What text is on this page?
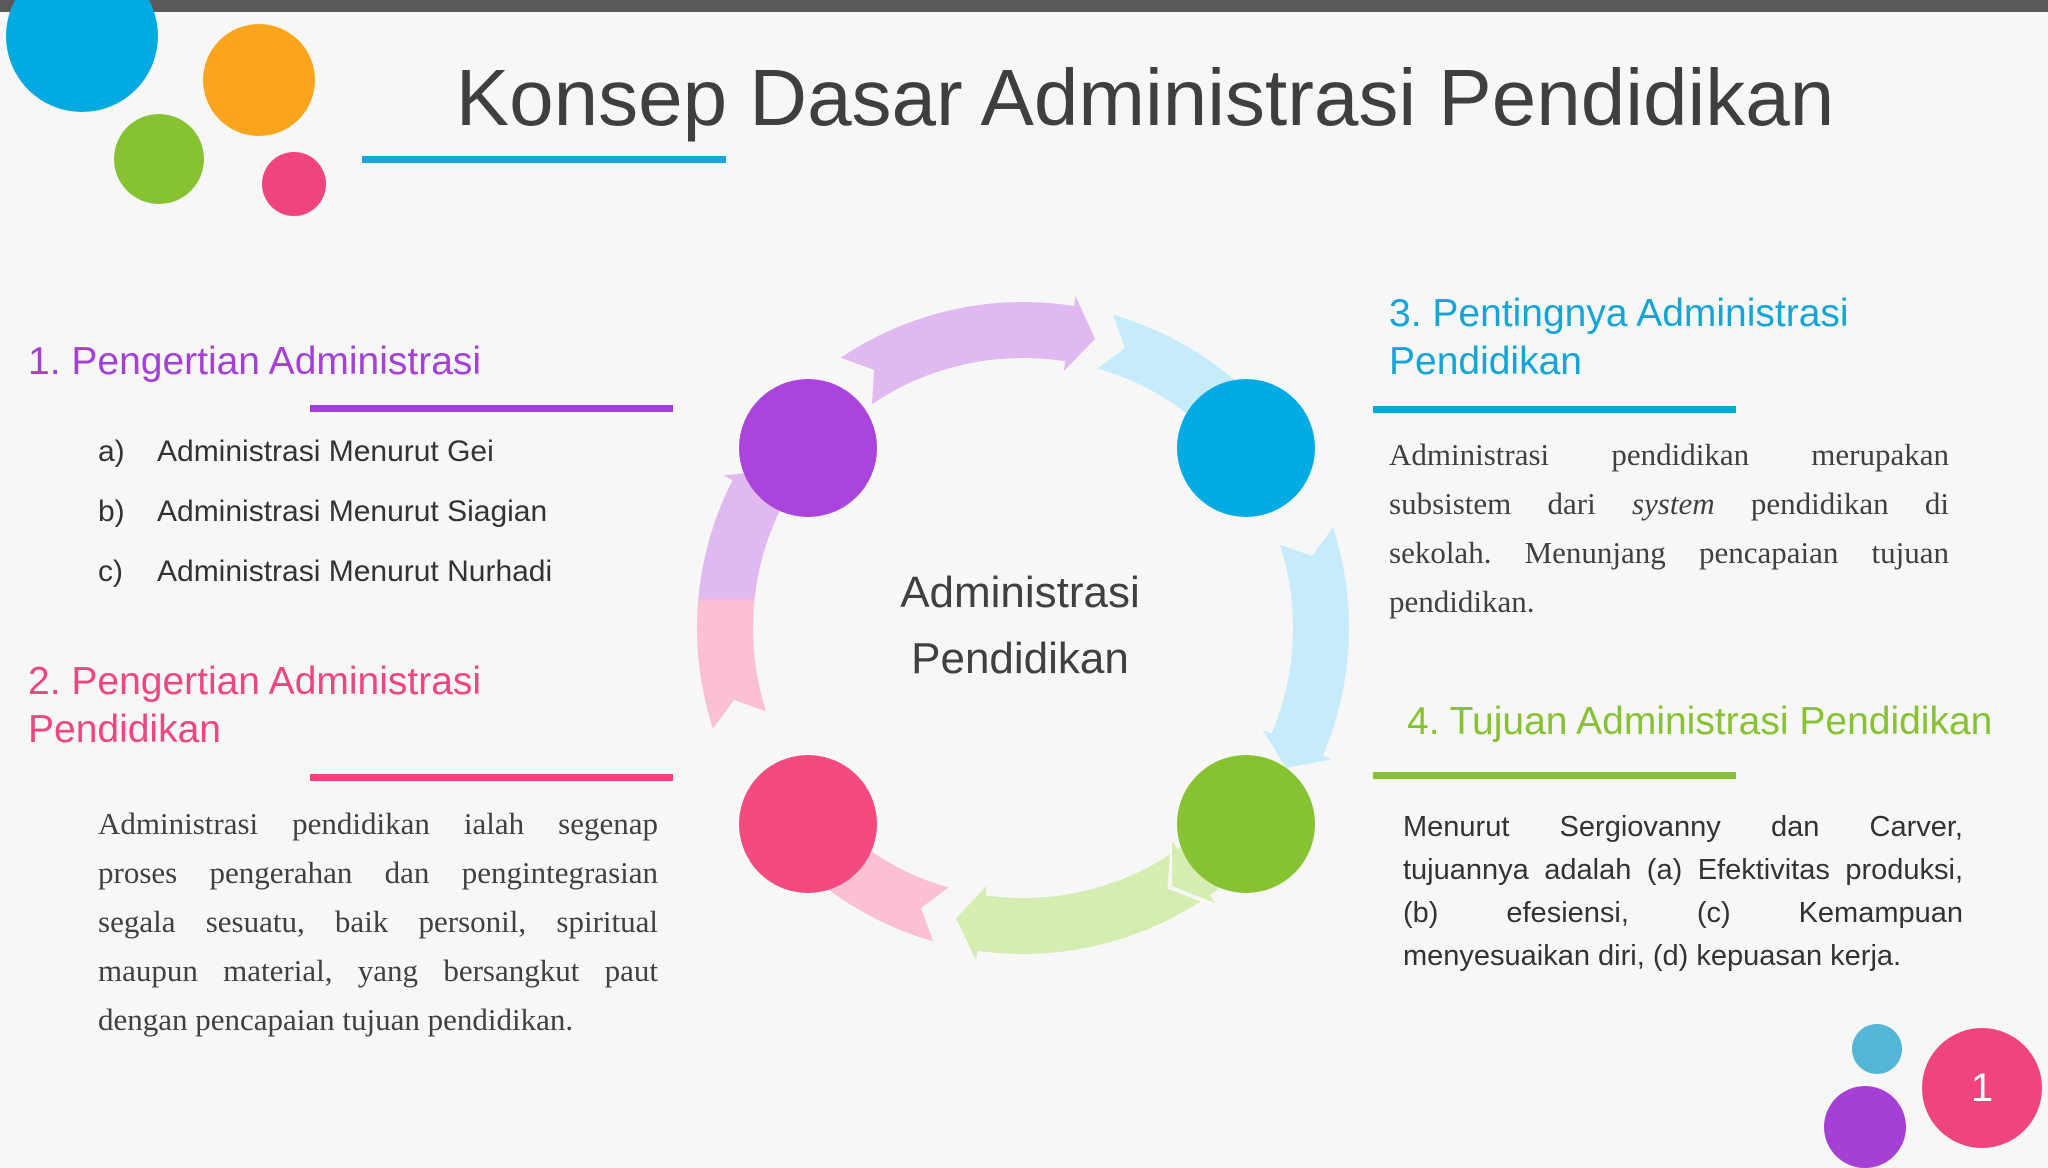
1
Konsep Dasar Administrasi Pendidikan
1. Pengertian Administrasi
a)	Administrasi Menurut Gei
b)	Administrasi Menurut Siagian
c)	Administrasi Menurut Nurhadi
2. Pengertian Administrasi
Pendidikan
Administrasi pendidikan ialah segenap
proses pengerahan dan pengintegrasian
segala sesuatu, baik personil, spiritual
maupun material, yang bersangkut paut
dengan pencapaian tujuan pendidikan.
3. Pentingnya Administrasi
Pendidikan
Administrasi pendidikan merupakan
subsistem dari system pendidikan di
sekolah. Menunjang pencapaian tujuan
pendidikan.
4. Tujuan Administrasi Pendidikan
Menurut Sergiovanny dan Carver, tujuannya adalah (a) Efektivitas produksi,(b) efesiensi, (c) Kemampuan menyesuaikan diri, (d) kepuasan kerja.
Administrasi
Pendidikan
